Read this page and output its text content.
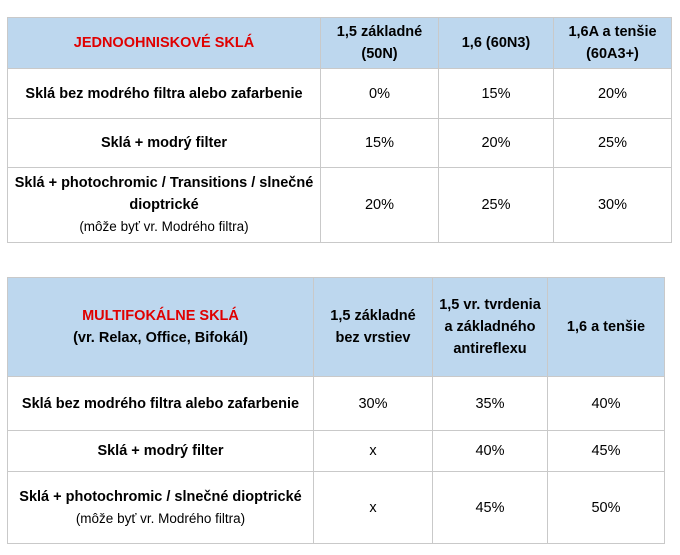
JEDNOOHNISKOVÉ SKLÁ	1,5 základné (50N)	1,6 (60N3)	1,6A a tenšie (60A3+)
Sklá bez modrého filtra alebo zafarbenie	0%	15%	20%
Sklá + modrý filter	15%	20%	25%

Sklá + photochromic / Transitions / slnečné dioptrické
(môže byť vr. Modrého filtra)	20%	25%	30%
MULTIFOKÁLNE SKLÁ
(vr. Relax, Office, Bifokál)	1,5 základné bez vrstiev	1,5 vr. tvrdenia a základného antireflexu	1,6 a tenšie
Sklá bez modrého filtra alebo zafarbenie	30%	35%	40%
Sklá + modrý filter	x	40%	45%

Sklá + photochromic / slnečné dioptrické
(môže byť vr. Modrého filtra)	x	45%	50%
